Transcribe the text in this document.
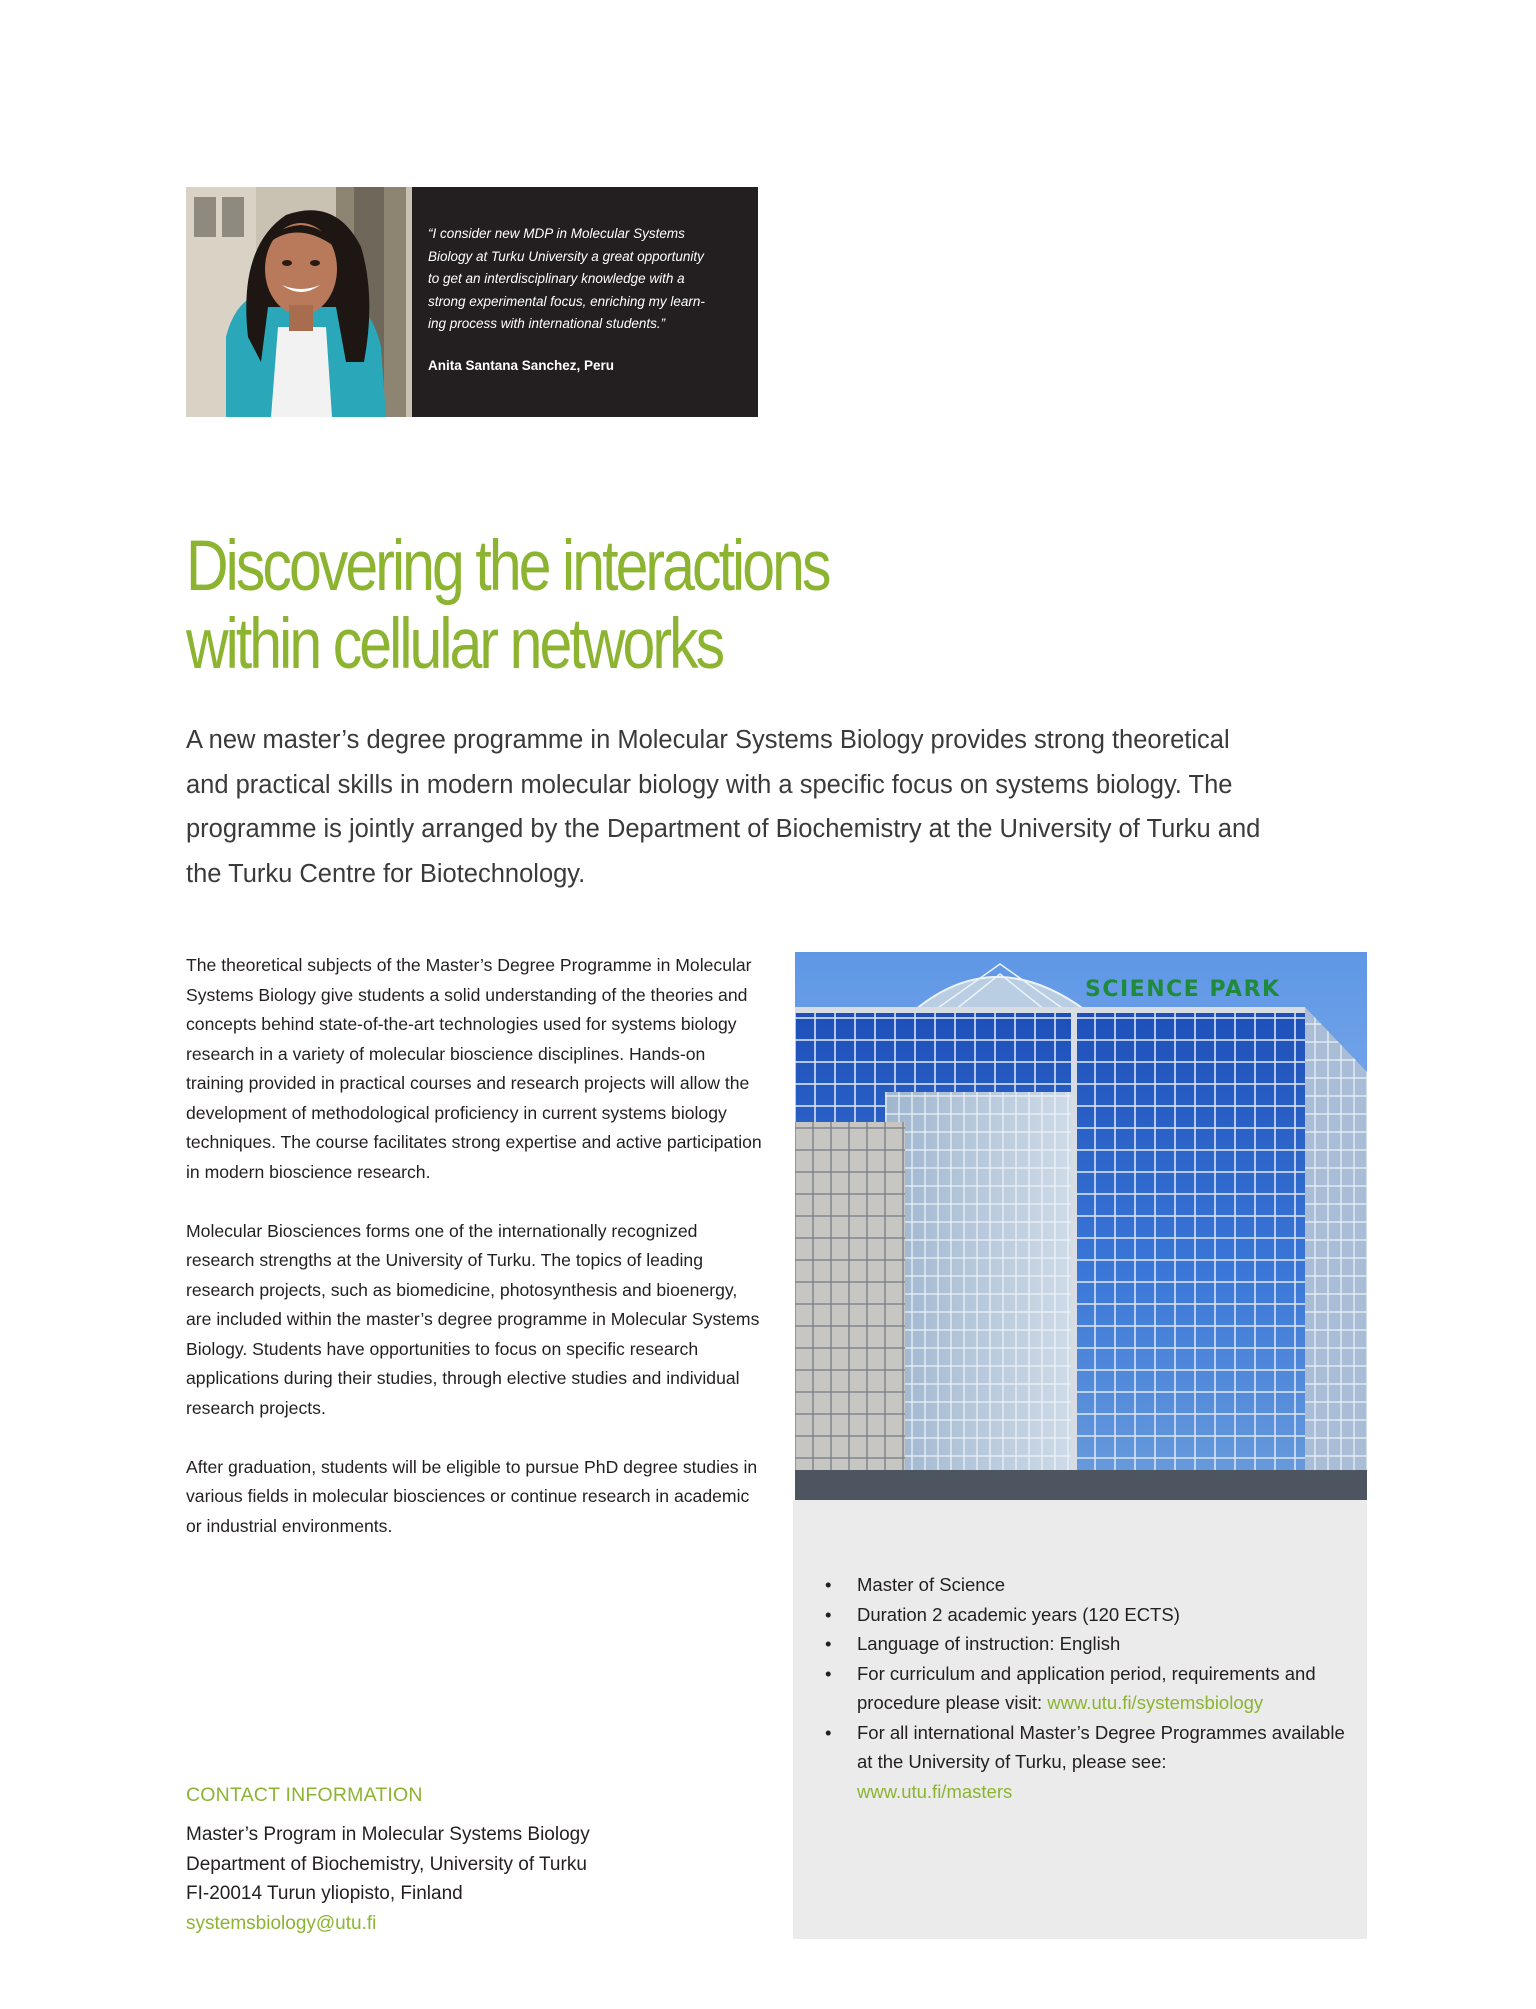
“I consider new MDP in Molecular Systems
Biology at Turku University a great opportunity
to get an interdisciplinary knowledge with a
strong experimental focus, enriching my learn-
ing process with international students.”

Anita Santana Sanchez, Peru
Discovering the interactions
within cellular networks

A new master’s degree programme in Molecular Systems Biology provides strong theoretical and practical skills in modern molecular biology with a specific focus on systems biology. The programme is jointly arranged by the Department of Biochemistry at the University of Turku and the Turku Centre for Biotechnology.

The theoretical subjects of the Master’s Degree Programme in Molecular Systems Biology give students a solid understanding of the theories and concepts behind state-of-the-art technologies used for systems biology research in a variety of molecular bioscience disciplines. Hands-on training provided in practical courses and research projects will allow the development of methodological proficiency in current systems biology techniques. The course facilitates strong expertise and active participation in modern bioscience research.

Molecular Biosciences forms one of the internationally recognized research strengths at the University of Turku. The topics of leading research projects, such as biomedicine, photosynthesis and bioenergy, are included within the master’s degree programme in Molecular Systems Biology. Students have opportunities to focus on specific research applications during their studies, through elective studies and individual research projects.

After graduation, students will be eligible to pursue PhD degree studies in various fields in molecular biosciences or continue research in academic or industrial environments.

SCIENCE PARK
• Master of Science
• Duration 2 academic years (120 ECTS)
• Language of instruction: English
• For curriculum and application period, requirements and procedure please visit: www.utu.fi/systemsbiology
• For all international Master’s Degree Programmes available at the University of Turku, please see:
www.utu.fi/masters
CONTACT INFORMATION
Master’s Program in Molecular Systems Biology
Department of Biochemistry, University of Turku
FI-20014 Turun yliopisto, Finland
systemsbiology@utu.fi
